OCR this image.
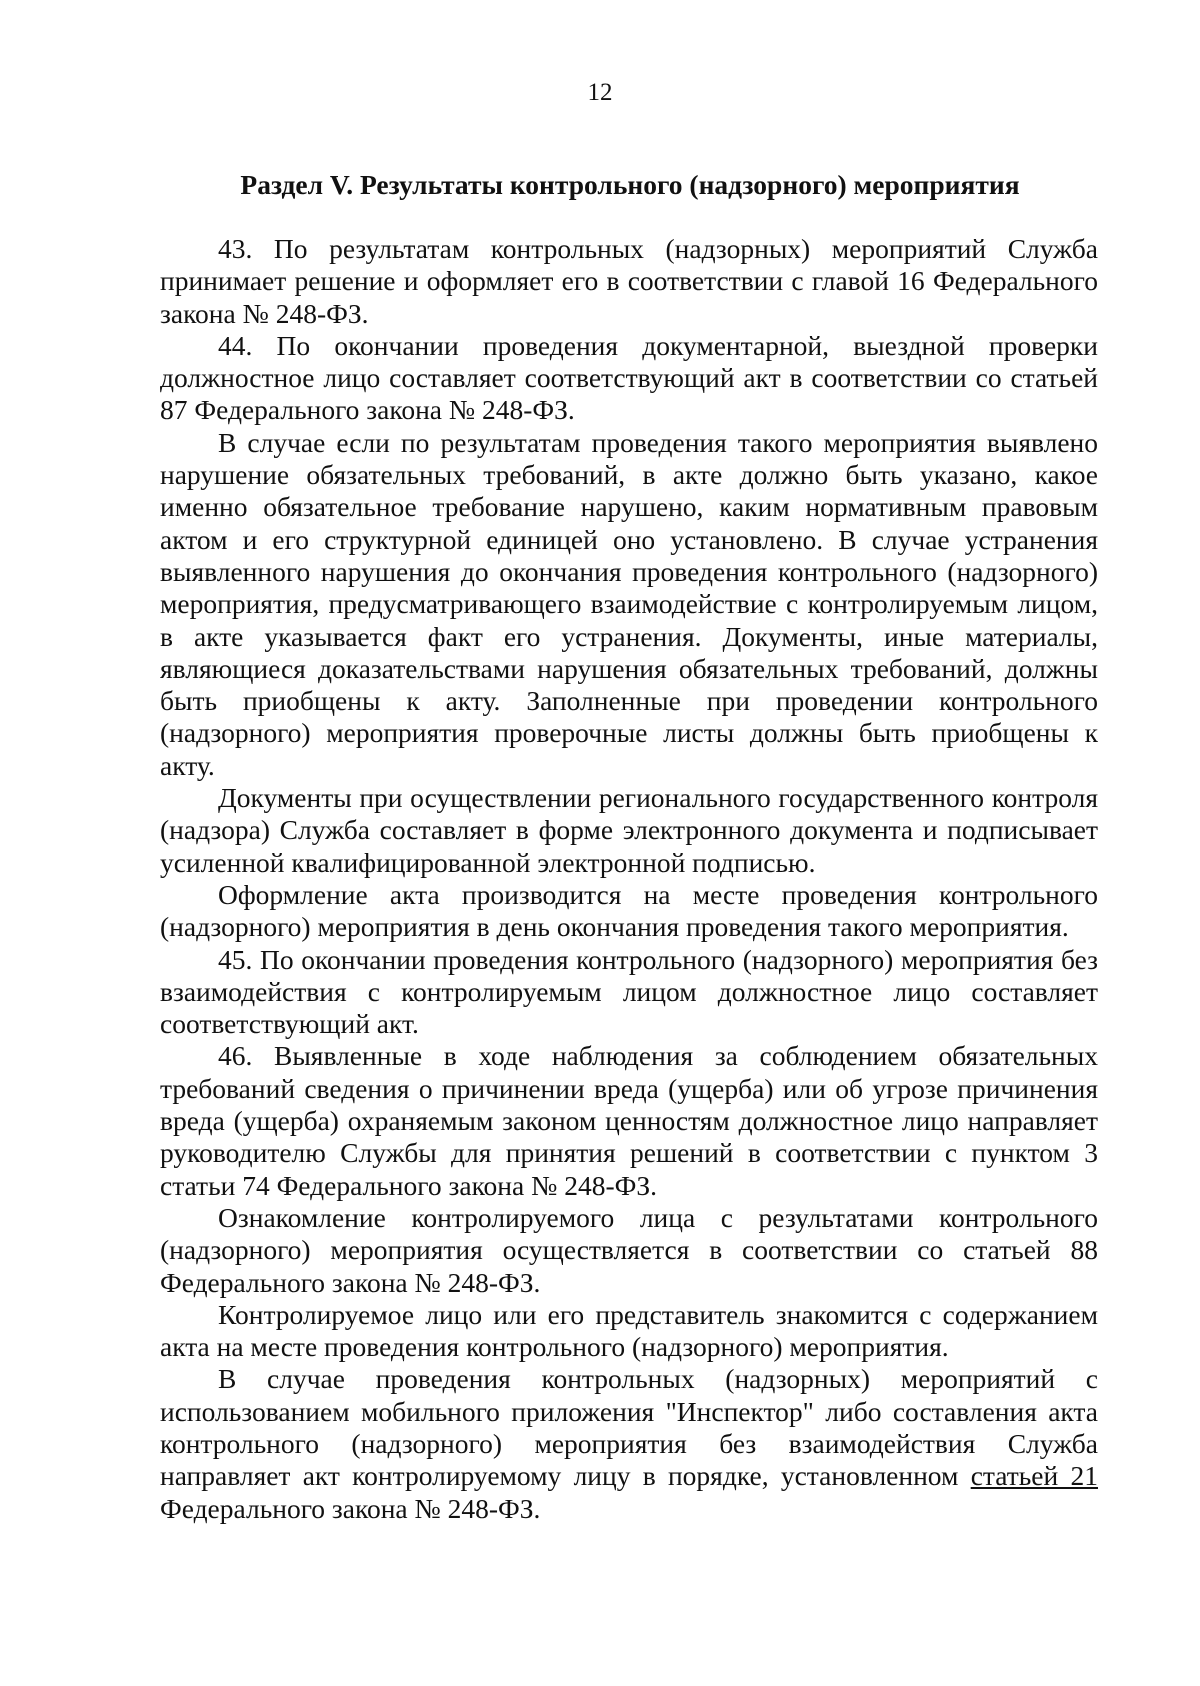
12
Раздел V. Результаты контрольного (надзорного) мероприятия

43. По результатам контрольных (надзорных) мероприятий Служба принимает решение и оформляет его в соответствии с главой 16 Федерального закона № 248-ФЗ.

44. По окончании проведения документарной, выездной проверки должностное лицо составляет соответствующий акт в соответствии со статьей 87 Федерального закона № 248-ФЗ.

В случае если по результатам проведения такого мероприятия выявлено нарушение обязательных требований, в акте должно быть указано, какое именно обязательное требование нарушено, каким нормативным правовым актом и его структурной единицей оно установлено. В случае устранения выявленного нарушения до окончания проведения контрольного (надзорного) мероприятия, предусматривающего взаимодействие с контролируемым лицом, в акте указывается факт его устранения. Документы, иные материалы, являющиеся доказательствами нарушения обязательных требований, должны быть приобщены к акту. Заполненные при проведении контрольного (надзорного) мероприятия проверочные листы должны быть приобщены к акту.

Документы при осуществлении регионального государственного контроля (надзора) Служба составляет в форме электронного документа и подписывает усиленной квалифицированной электронной подписью.

Оформление акта производится на месте проведения контрольного (надзорного) мероприятия в день окончания проведения такого мероприятия.

45. По окончании проведения контрольного (надзорного) мероприятия без взаимодействия с контролируемым лицом должностное лицо составляет соответствующий акт.

46. Выявленные в ходе наблюдения за соблюдением обязательных требований сведения о причинении вреда (ущерба) или об угрозе причинения вреда (ущерба) охраняемым законом ценностям должностное лицо направляет руководителю Службы для принятия решений в соответствии с пунктом 3 статьи 74 Федерального закона № 248-ФЗ.

Ознакомление контролируемого лица с результатами контрольного (надзорного) мероприятия осуществляется в соответствии со статьей 88 Федерального закона № 248-ФЗ.

Контролируемое лицо или его представитель знакомится с содержанием акта на месте проведения контрольного (надзорного) мероприятия.

В случае проведения контрольных (надзорных) мероприятий с использованием мобильного приложения "Инспектор" либо составления акта контрольного (надзорного) мероприятия без взаимодействия Служба направляет акт контролируемому лицу в порядке, установленном статьей 21 Федерального закона № 248-ФЗ.
